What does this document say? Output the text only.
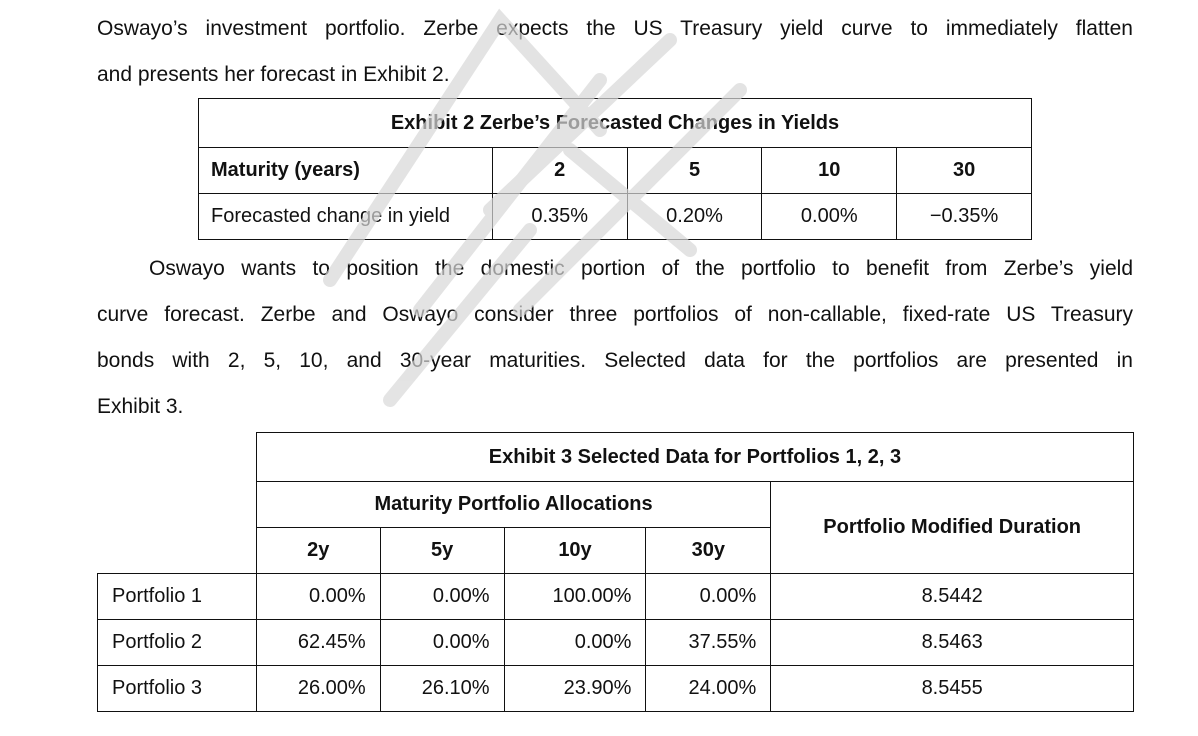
Oswayo’s investment portfolio. Zerbe expects the US Treasury yield curve to immediately flatten
and presents her forecast in Exhibit 2.
Exhibit 2 Zerbe’s Forecasted Changes in Yields				
Maturity (years)	2	5	10	30
Forecasted change in yield	0.35%	0.20%	0.00%	−0.35%
Oswayo wants to position the domestic portion of the portfolio to benefit from Zerbe’s yield
curve forecast. Zerbe and Oswayo consider three portfolios of non-callable, fixed-rate US Treasury
bonds with 2, 5, 10, and 30-year maturities. Selected data for the portfolios are presented in
Exhibit 3.
	Exhibit 3 Selected Data for Portfolios 1, 2, 3				
	Maturity Portfolio Allocations				Portfolio Modified Duration
	2y	5y	10y	30y	
Portfolio 1	0.00%	0.00%	100.00%	0.00%	8.5442
Portfolio 2	62.45%	0.00%	0.00%	37.55%	8.5463
Portfolio 3	26.00%	26.10%	23.90%	24.00%	8.5455
